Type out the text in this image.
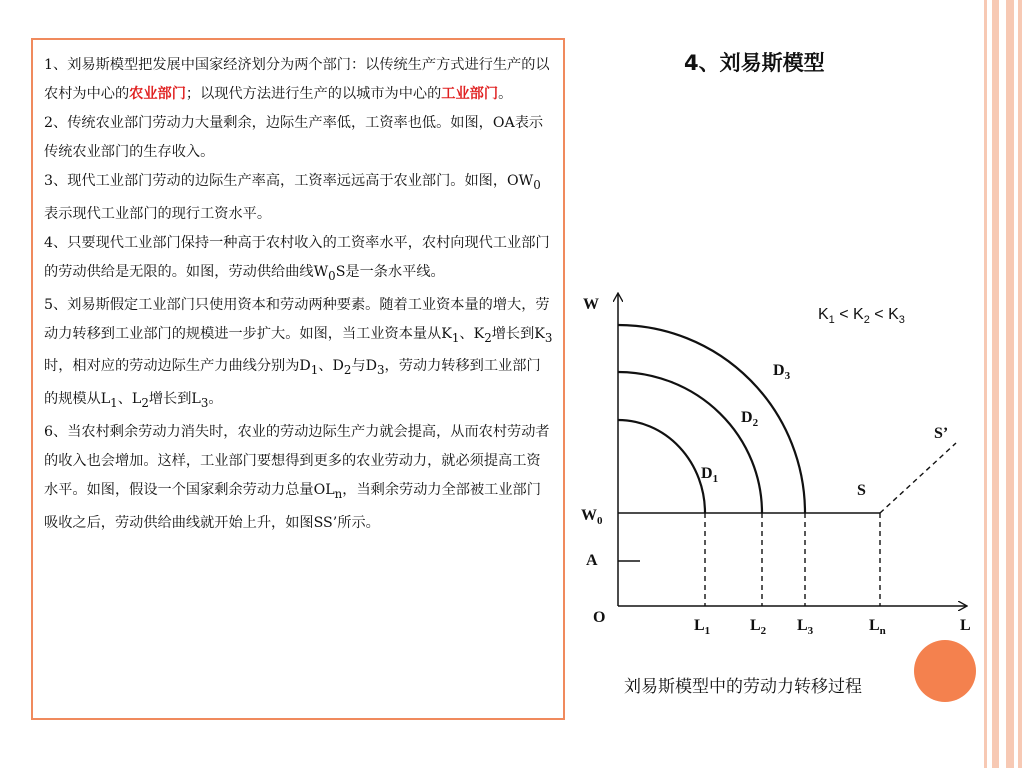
1、刘易斯模型把发展中国家经济划分为两个部门：以传统生产方式进行生产的以农村为中心的农业部门；以现代方法进行生产的以城市为中心的工业部门。

2、传统农业部门劳动力大量剩余，边际生产率低，工资率也低。如图，OA表示传统农业部门的生存收入。

3、现代工业部门劳动的边际生产率高，工资率远远高于农业部门。如图，$OW_0$表示现代工业部门的现行工资水平。

4、只要现代工业部门保持一种高于农村收入的工资率水平，农村向现代工业部门的劳动供给是无限的。如图，劳动供给曲线$W_0S$是一条水平线。

5、刘易斯假定工业部门只使用资本和劳动两种要素。随着工业资本量的增大，劳动力转移到工业部门的规模进一步扩大。如图，当工业资本量从$K_1$、$K_2$增长到$K_3$时，相对应的劳动边际生产力曲线分别为$D_1$、$D_2$与$D_3$，劳动力转移到工业部门的规模从$L_1$、$L_2$增长到$L_3$。

6、当农村剩余劳动力消失时，农业的劳动边际生产力就会提高，从而农村劳动者的收入也会增加。这样，工业部门要想得到更多的农业劳动力，就必须提高工资水平。如图，假设一个国家剩余劳动力总量$OL_n$，当剩余劳动力全部被工业部门吸收之后，劳动供给曲线就开始上升，如图SS’所示。

4、刘易斯模型
W
$K_1 < K_2 < K_3$
$D_3$
$D_2$
$D_1$
S’
S
$W_0$
A
O	$L_1$ $L_2$ $L_3$	$L_n$	L
刘易斯模型中的劳动力转移过程
